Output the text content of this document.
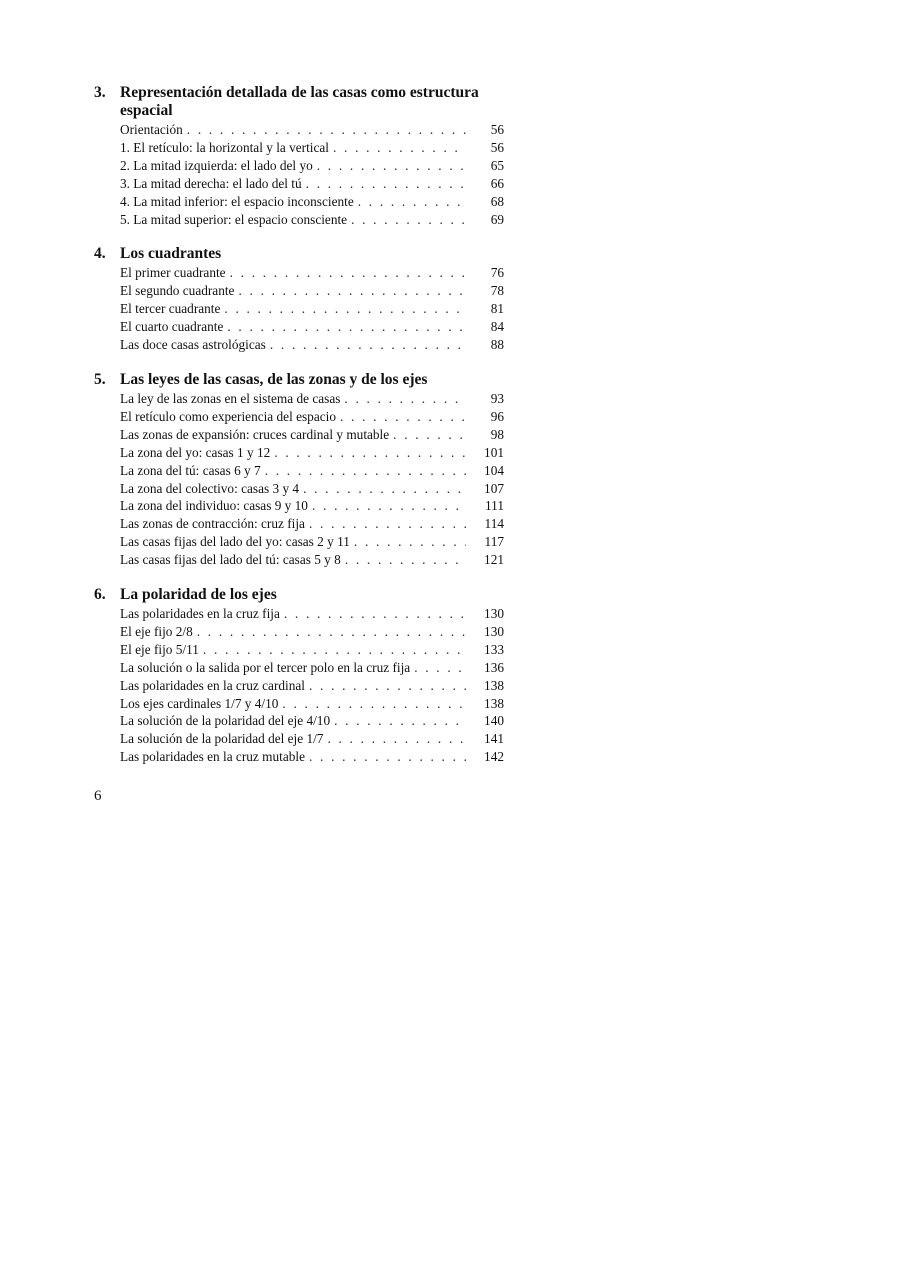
3. Representación detallada de las casas como estructura espacial
Orientación . . .	56
1. El retículo: la horizontal y la vertical . . .	56
2. La mitad izquierda: el lado del yo . . .	65
3. La mitad derecha: el lado del tú . . .	66
4. La mitad inferior: el espacio inconsciente . . .	68
5. La mitad superior: el espacio consciente . . .	69
4. Los cuadrantes
El primer cuadrante . . .	76
El segundo cuadrante . . .	78
El tercer cuadrante . . .	81
El cuarto cuadrante . . .	84
Las doce casas astrológicas . . .	88
5. Las leyes de las casas, de las zonas y de los ejes
La ley de las zonas en el sistema de casas . . .	93
El retículo como experiencia del espacio . . .	96
Las zonas de expansión: cruces cardinal y mutable . . .	98
La zona del yo: casas 1 y 12 . . .	101
La zona del tú: casas 6 y 7 . . .	104
La zona del colectivo: casas 3 y 4 . . .	107
La zona del individuo: casas 9 y 10 . . .	111
Las zonas de contracción: cruz fija . . .	114
Las casas fijas del lado del yo: casas 2 y 11 . . .	117
Las casas fijas del lado del tú: casas 5 y 8 . . .	121
6. La polaridad de los ejes
Las polaridades en la cruz fija . . .	130
El eje fijo 2/8 . . .	130
El eje fijo 5/11 . . .	133
La solución o la salida por el tercer polo en la cruz fija . . .	136
Las polaridades en la cruz cardinal . . .	138
Los ejes cardinales 1/7 y 4/10 . . .	138
La solución de la polaridad del eje 4/10 . . .	140
La solución de la polaridad del eje 1/7 . . .	141
Las polaridades en la cruz mutable . . .	142
6
